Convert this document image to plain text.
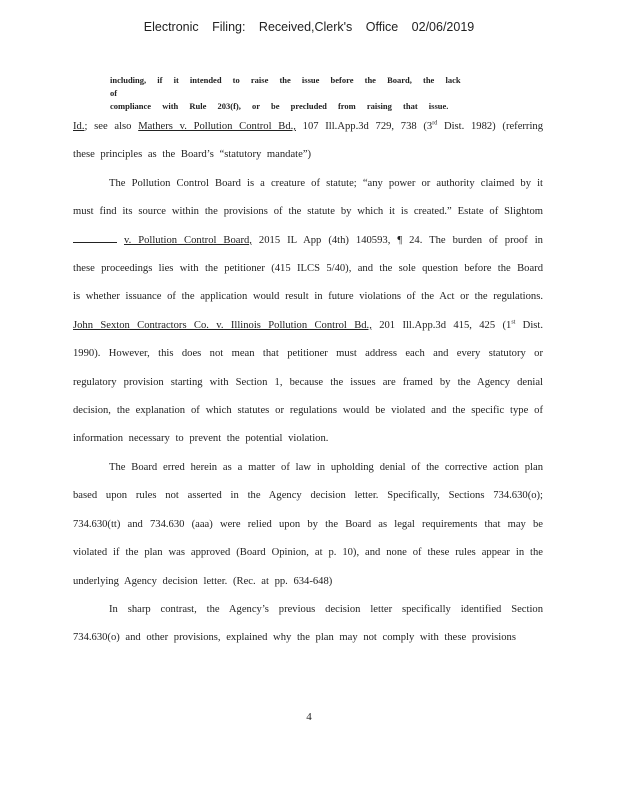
Electronic Filing: Received,Clerk's Office 02/06/2019
including, if it intended to raise the issue before the Board, the lack of
compliance with Rule 203(f), or be precluded from raising that issue.

Id.; see also Mathers v. Pollution Control Bd., 107 Ill.App.3d 729, 738 (3rd Dist. 1982) (referring these principles as the Board’s “statutory mandate”)

The Pollution Control Board is a creature of statute; “any power or authority claimed by it must find its source within the provisions of the statute by which it is created.” Estate of Slightom  v. Pollution Control Board, 2015 IL App (4th) 140593, ¶ 24. The burden of proof in these proceedings lies with the petitioner (415 ILCS 5/40), and the sole question before the Board is whether issuance of the application would result in future violations of the Act or the regulations. John Sexton Contractors Co. v. Illinois Pollution Control Bd., 201 Ill.App.3d 415, 425 (1st Dist. 1990). However, this does not mean that petitioner must address each and every statutory or regulatory provision starting with Section 1, because the issues are framed by the Agency denial decision, the explanation of which statutes or regulations would be violated and the specific type of information necessary to prevent the potential violation.

The Board erred herein as a matter of law in upholding denial of the corrective action plan based upon rules not asserted in the Agency decision letter. Specifically, Sections 734.630(o); 734.630(tt) and 734.630 (aaa) were relied upon by the Board as legal requirements that may be violated if the plan was approved (Board Opinion, at p. 10), and none of these rules appear in the underlying Agency decision letter. (Rec. at pp. 634-648)

In sharp contrast, the Agency’s previous decision letter specifically identified Section 734.630(o) and other provisions, explained why the plan may not comply with these provisions

4
